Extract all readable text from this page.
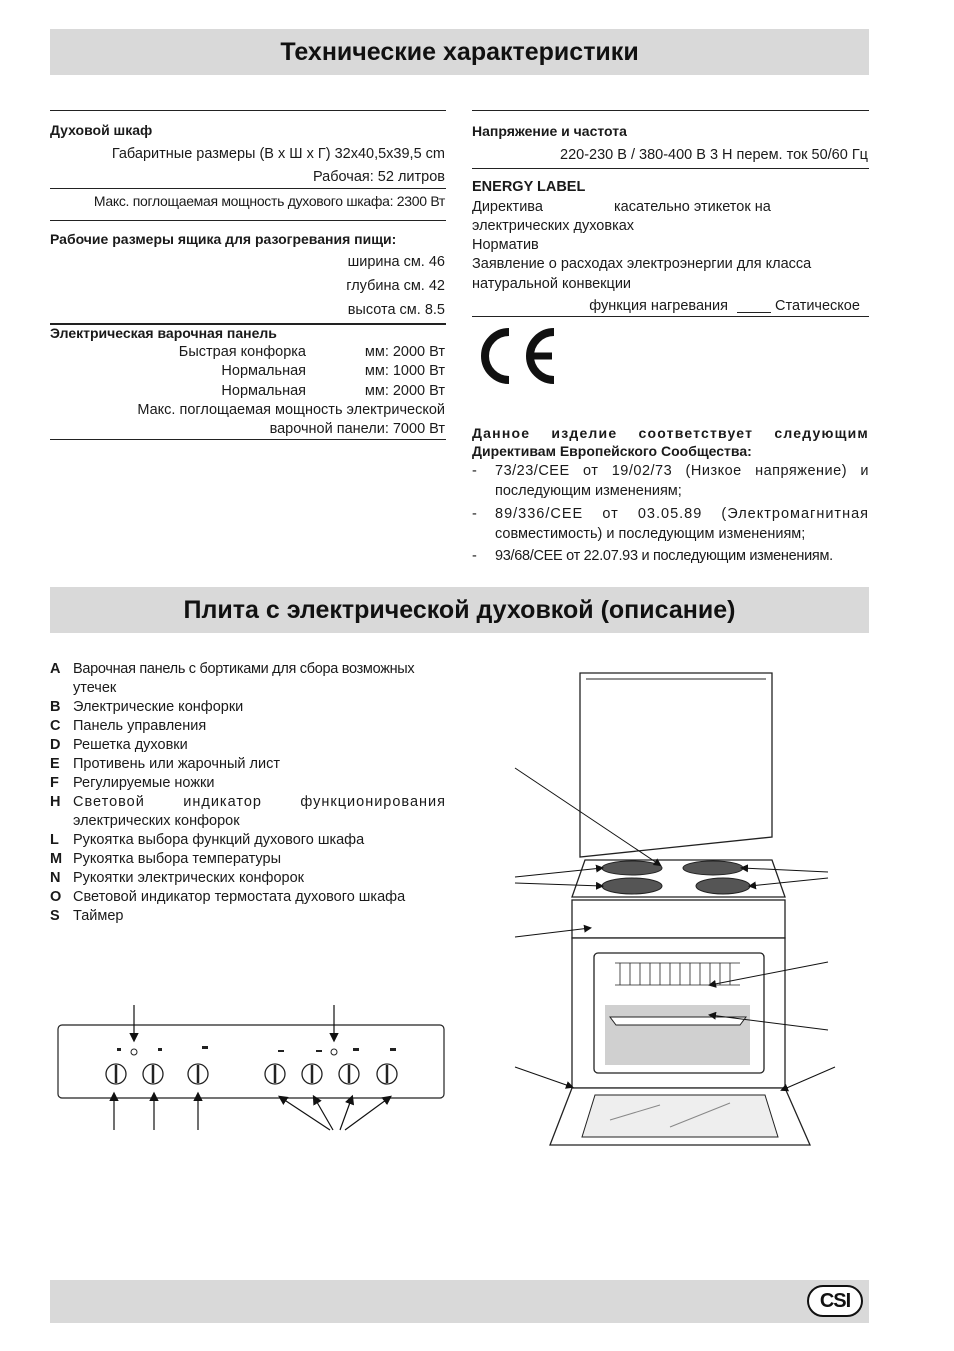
Технические характеристики
Духовой шкаф
Габаритные размеры (В х Ш х Г) 32х40,5х39,5 cm
Рабочая: 52 литров
Макс. поглощаемая мощность духового шкафа: 2300 Вт
Рабочие размеры ящика для разогревания пищи:
ширина см. 46
глубина см. 42
высота см. 8.5
Электрическая варочная панель
Быстрая конфорка	мм: 2000 Вт
Нормальная	мм: 1000 Вт
Нормальная	мм: 2000 Вт
Макс. поглощаемая мощность электрической
варочной панели: 7000 Вт
Напряжение и частота
220-230 В / 380-400 В 3 Н перем. ток 50/60 Гц
ENERGY LABEL
Директива	касательно этикеток на
электрических духовках
Норматив
Заявление о расходах электроэнергии для класса
натуральной конвекции
функция нагревания	Статическое
Данное изделие соответствует следующим
Директивам Европейского Сообщества:
- 73/23/CEE от 19/02/73 (Низкое напряжение) и
последующим изменениям;
- 89/336/CEE от 03.05.89 (Электромагнитная
совместимость) и последующим изменениям;
- 93/68/CEE от 22.07.93 и последующим изменениям.
Плита с электрической духовкой (описание)
A Варочная панель с бортиками для сбора возможных
утечек
B Электрические конфорки
C Панель управления
D Решетка духовки
E Противень или жарочный лист
F Регулируемые ножки
H Световой индикатор функционирования
электрических конфорок
L Рукоятка выбора функций духового шкафа
M Рукоятка выбора температуры
N Рукоятки электрических конфорок
O Световой индикатор термостата духового шкафа
S Таймер
CSI
